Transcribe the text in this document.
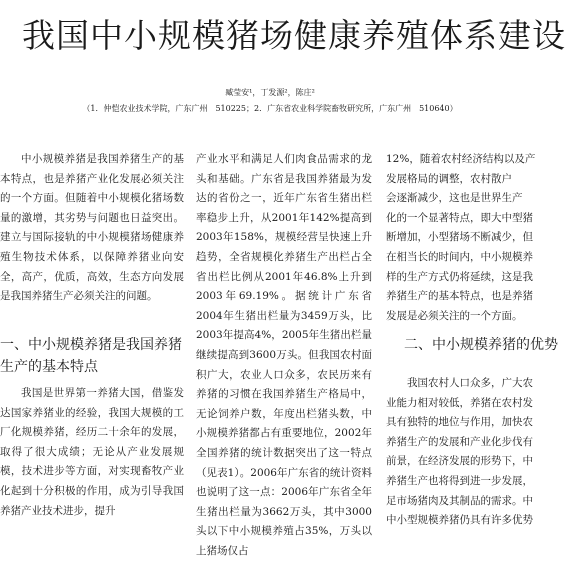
我国中小规模猪场健康养殖体系建设
臧莹安¹，丁发源²，陈庄²
（1．仲恺农业技术学院，广东广州　510225；2．广东省农业科学院畜牧研究所，广东广州　510640）

中小规模养猪是我国养猪生产的基本特点，也是养猪产业化发展必须关注的一个方面。但随着中小规模化猪场数量的激增，其劣势与问题也日益突出。建立与国际接轨的中小规模猪场健康养殖生物技术体系，以保障养猪业向安全，高产，优质，高效，生态方向发展是我国养猪生产必须关注的问题。

一、中小规模养猪是我国养猪生产的基本特点

我国是世界第一养猪大国，借鉴发达国家养猪业的经验，我国大规模的工厂化规模养猪，经历二十余年的发展，取得了很大成绩；无论从产业发展规模，技术进步等方面，对实现畜牧产业化起到十分积极的作用，成为引导我国养猪产业技术进步，提升

产业水平和满足人们肉食品需求的龙头和基础。广东省是我国养猪最为发达的省份之一，近年广东省生猪出栏率稳步上升，从2001年142%提高到2003年158%，规模经营呈快速上升趋势，全省规模化养猪生产出栏占全省出栏比例从2001年46.8%上升到2003年69.19%。据统计广东省2004年生猪出栏量为3459万头，比2003年提高4%，2005年生猪出栏量继续提高到3600万头。但我国农村面积广大，农业人口众多，农民历来有养猪的习惯在我国养猪生产格局中，无论饲养户数，年度出栏猪头数，中小规模养猪都占有重要地位，2002年全国养猪的统计数据突出了这一特点（见表1）。2006年广东省的统计资料也说明了这一点：2006年广东省全年生猪出栏量为3662万头，其中3000头以下中小规模养殖占35%，万头以上猪场仅占

12%，随着农村经济结构以及产
发展格局的调整，农村散户
会逐渐减少，这也是世界生产
化的一个显著特点，即大中型猪
断增加，小型猪场不断减少，但
在相当长的时间内，中小规模养
样的生产方式仍将延续，这是我
养猪生产的基本特点，也是养猪
发展是必须关注的一个方面。
二、中小规模养猪的优势
　　我国农村人口众多，广大农
业能力相对较低，养猪在农村发
具有独特的地位与作用，加快农
养猪生产的发展和产业化步伐有
前景，在经济发展的形势下，中
养猪生产也将得到进一步发展，
足市场猪肉及其制品的需求。中
中小型规模养猪仍具有许多优势
